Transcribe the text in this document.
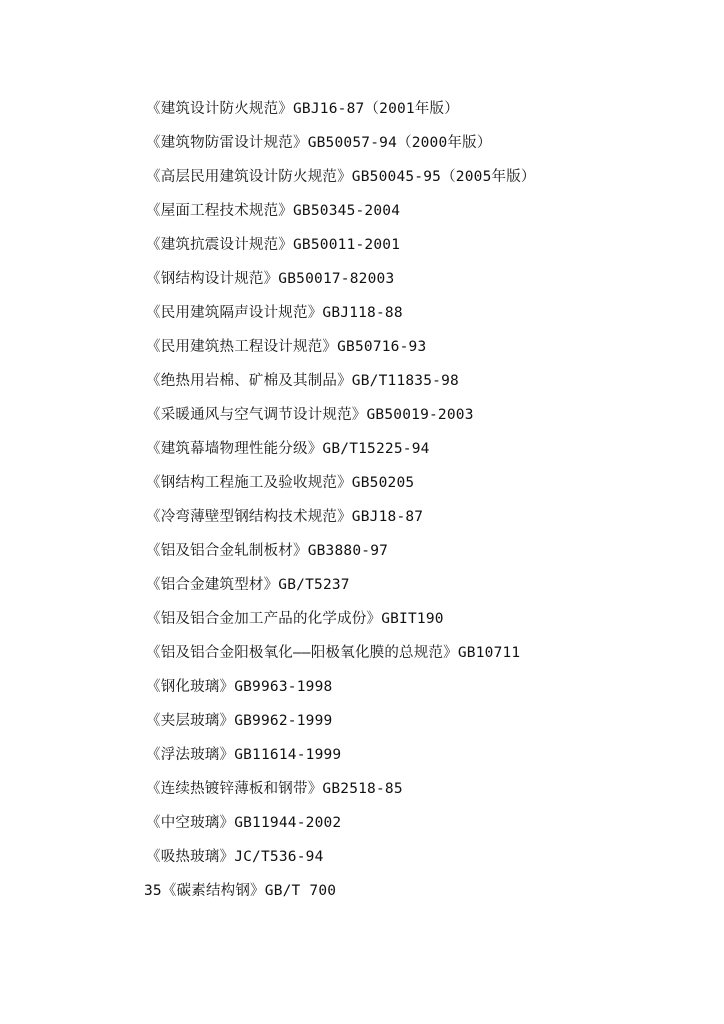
《建筑设计防火规范》GBJ16-87（2001年版）
《建筑物防雷设计规范》GB50057-94（2000年版）
《高层民用建筑设计防火规范》GB50045-95（2005年版）
《屋面工程技术规范》GB50345-2004
《建筑抗震设计规范》GB50011-2001
《钢结构设计规范》GB50017-82003
《民用建筑隔声设计规范》GBJ118-88
《民用建筑热工程设计规范》GB50716-93
《绝热用岩棉、矿棉及其制品》GB/T11835-98
《采暖通风与空气调节设计规范》GB50019-2003
《建筑幕墙物理性能分级》GB/T15225-94
《钢结构工程施工及验收规范》GB50205
《冷弯薄壁型钢结构技术规范》GBJ18-87
《铝及铝合金轧制板材》GB3880-97
《铝合金建筑型材》GB/T5237
《铝及铝合金加工产品的化学成份》GBIT190
《铝及铝合金阳极氧化——阳极氧化膜的总规范》GB10711
《钢化玻璃》GB9963-1998
《夹层玻璃》GB9962-1999
《浮法玻璃》GB11614-1999
《连续热镀锌薄板和钢带》GB2518-85
《中空玻璃》GB11944-2002
《吸热玻璃》JC/T536-94
35《碳素结构钢》GB/T 700
